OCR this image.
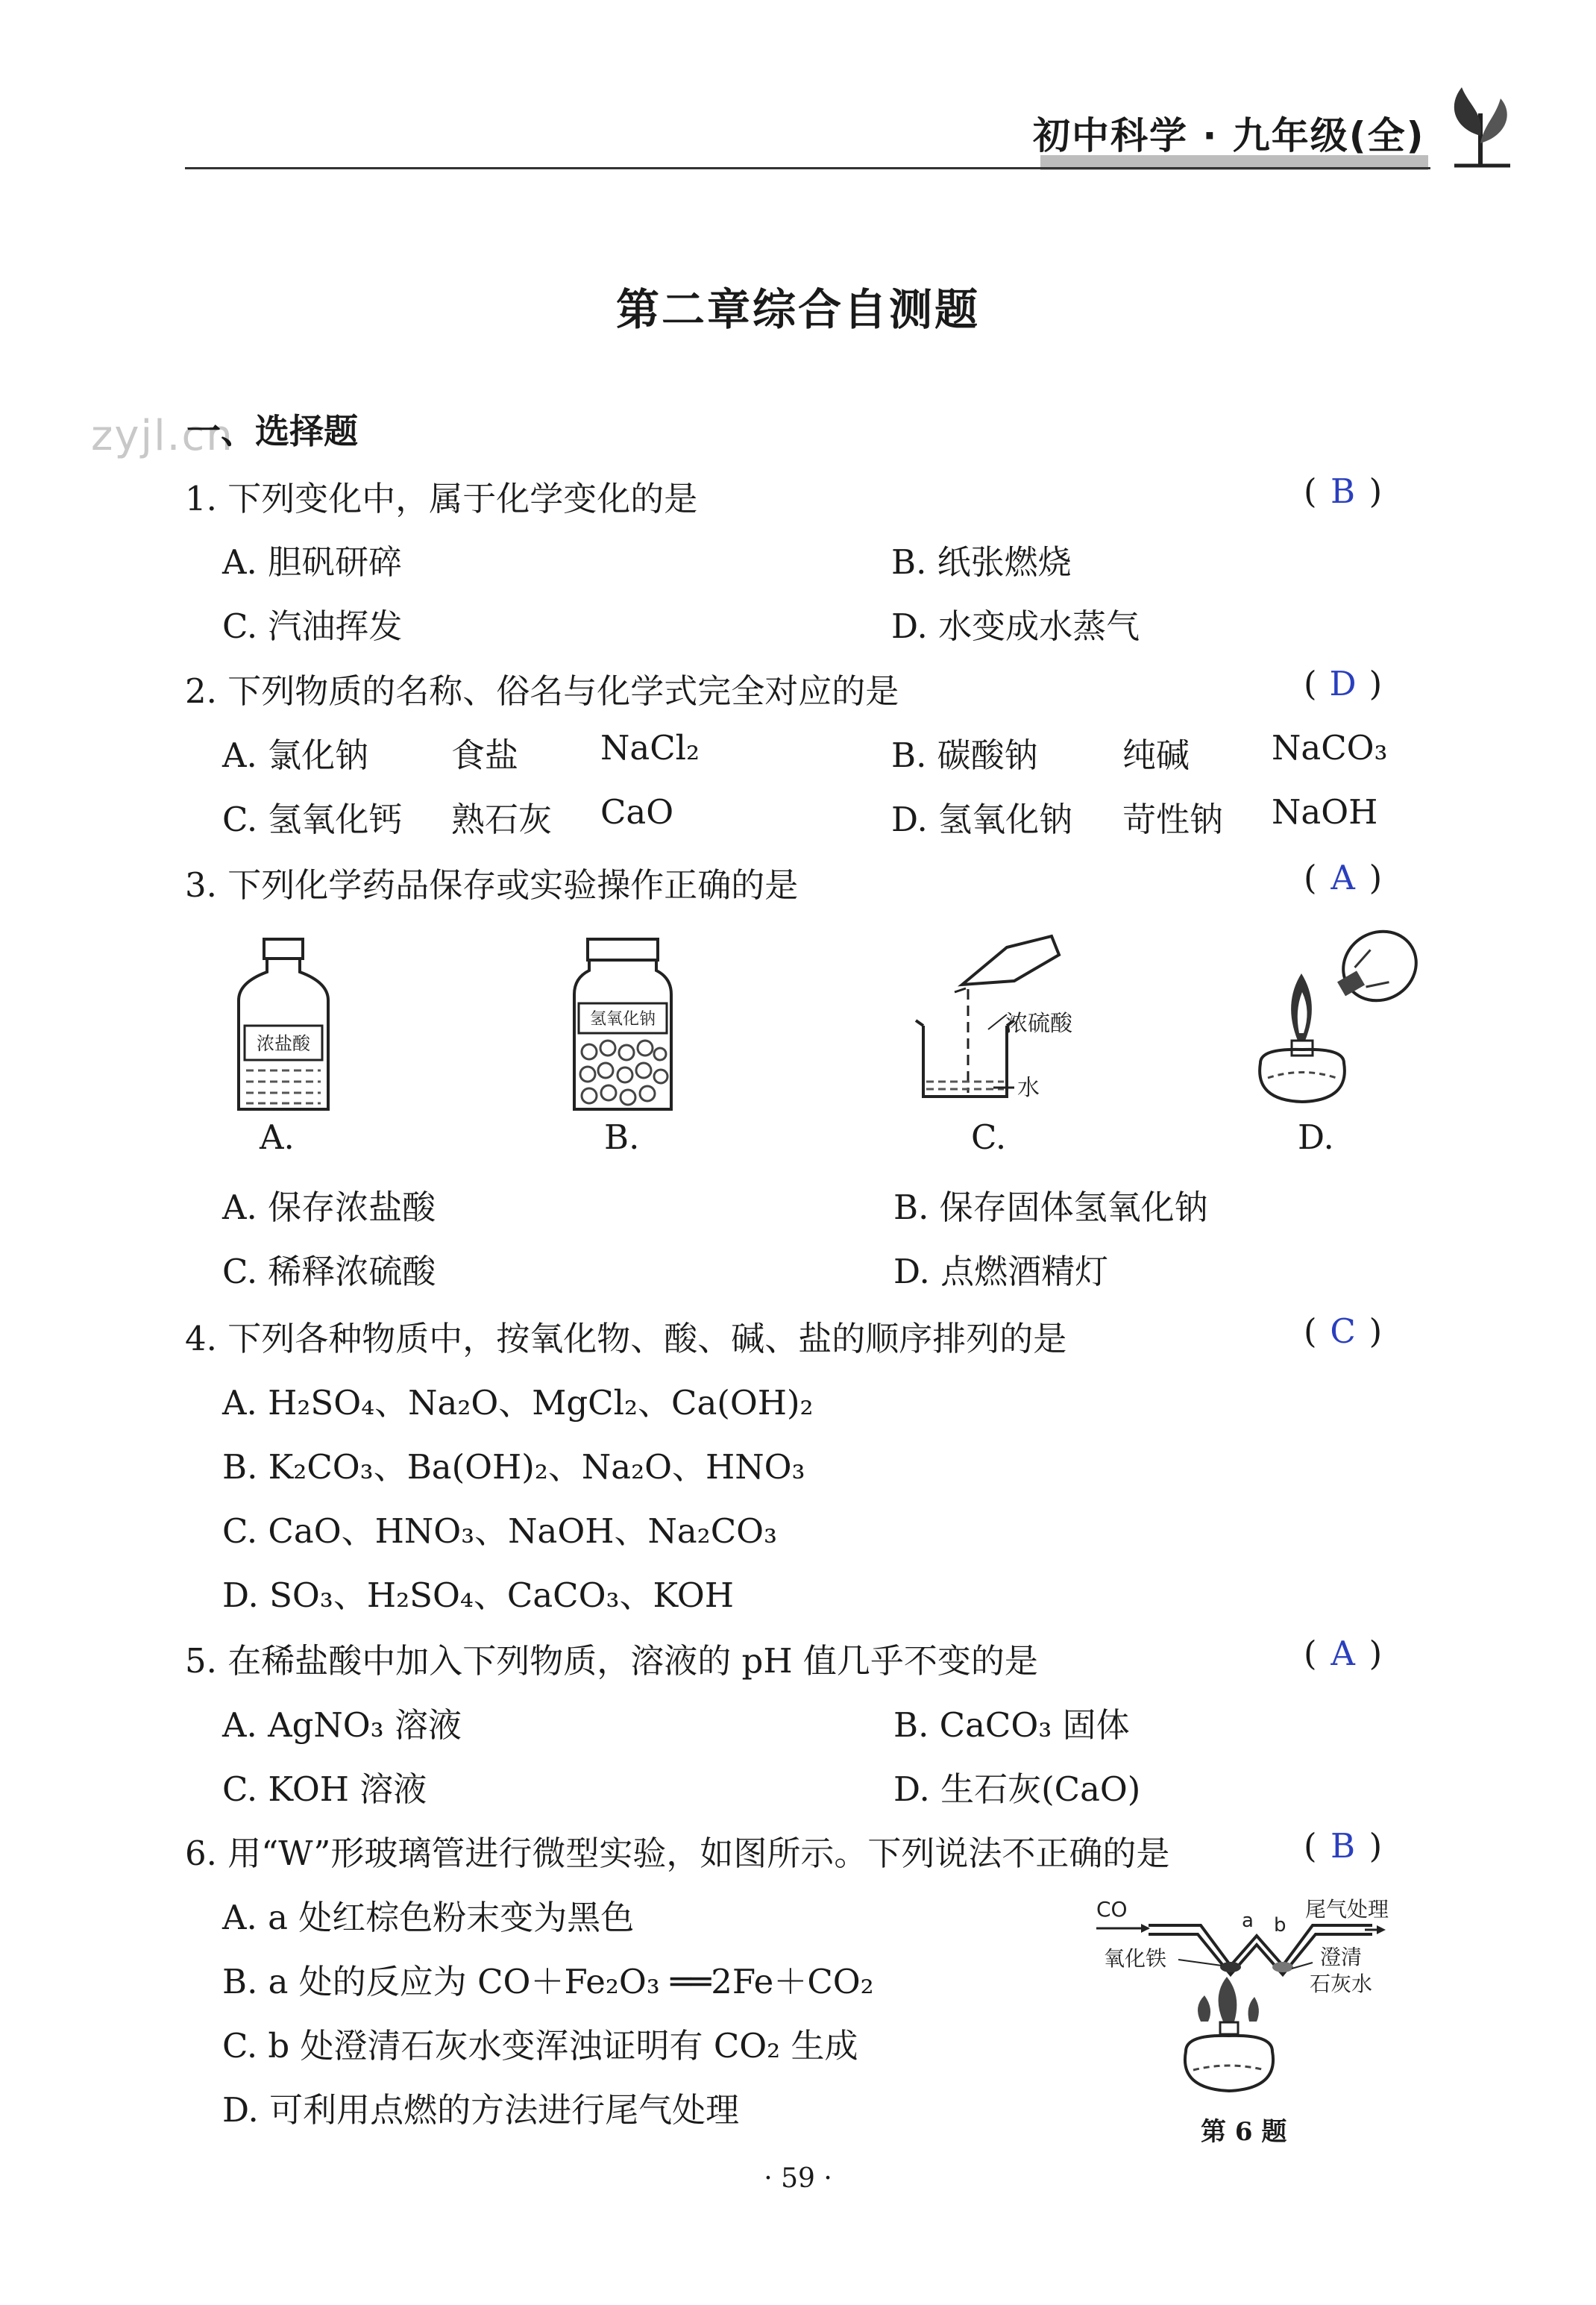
初中科学 · 九年级(全)
第二章综合自测题
zyjl.cn
一、选择题
1. 下列变化中，属于化学变化的是	( B )
A. 胆矾研碎	B. 纸张燃烧
C. 汽油挥发	D. 水变成水蒸气
2. 下列物质的名称、俗名与化学式完全对应的是	( D )
A. 氯化钠 食盐 NaCl₂	B. 碳酸钠	纯碱 NaCO₃
C. 氢氧化钙 熟石灰 CaO	D. 氢氧化钠 苛性钠 NaOH
3. 下列化学药品保存或实验操作正确的是	( A )
浓盐酸
A.
氢氧化钠
B.
浓硫酸
水
C.	D.
A. 保存浓盐酸	B. 保存固体氢氧化钠
C. 稀释浓硫酸	D. 点燃酒精灯
4. 下列各种物质中，按氧化物、酸、碱、盐的顺序排列的是	( C )
A. H₂SO₄、Na₂O、MgCl₂、Ca(OH)₂
B. K₂CO₃、Ba(OH)₂、Na₂O、HNO₃
C. CaO、HNO₃、NaOH、Na₂CO₃
D. SO₃、H₂SO₄、CaCO₃、KOH
5. 在稀盐酸中加入下列物质，溶液的 pH 值几乎不变的是	( A )
A. AgNO₃ 溶液	B. CaCO₃ 固体
C. KOH 溶液	D. 生石灰(CaO)
6. 用“W”形玻璃管进行微型实验，如图所示。下列说法不正确的是	( B )
A. a 处红棕色粉末变为黑色
B. a 处的反应为 CO＋Fe₂O₃ ══2Fe＋CO₂
C. b 处澄清石灰水变浑浊证明有 CO₂ 生成
D. 可利用点燃的方法进行尾气处理
CO	a b
尾气处理
氧化铁	澄清
石灰水
第 6 题
· 59 ·
